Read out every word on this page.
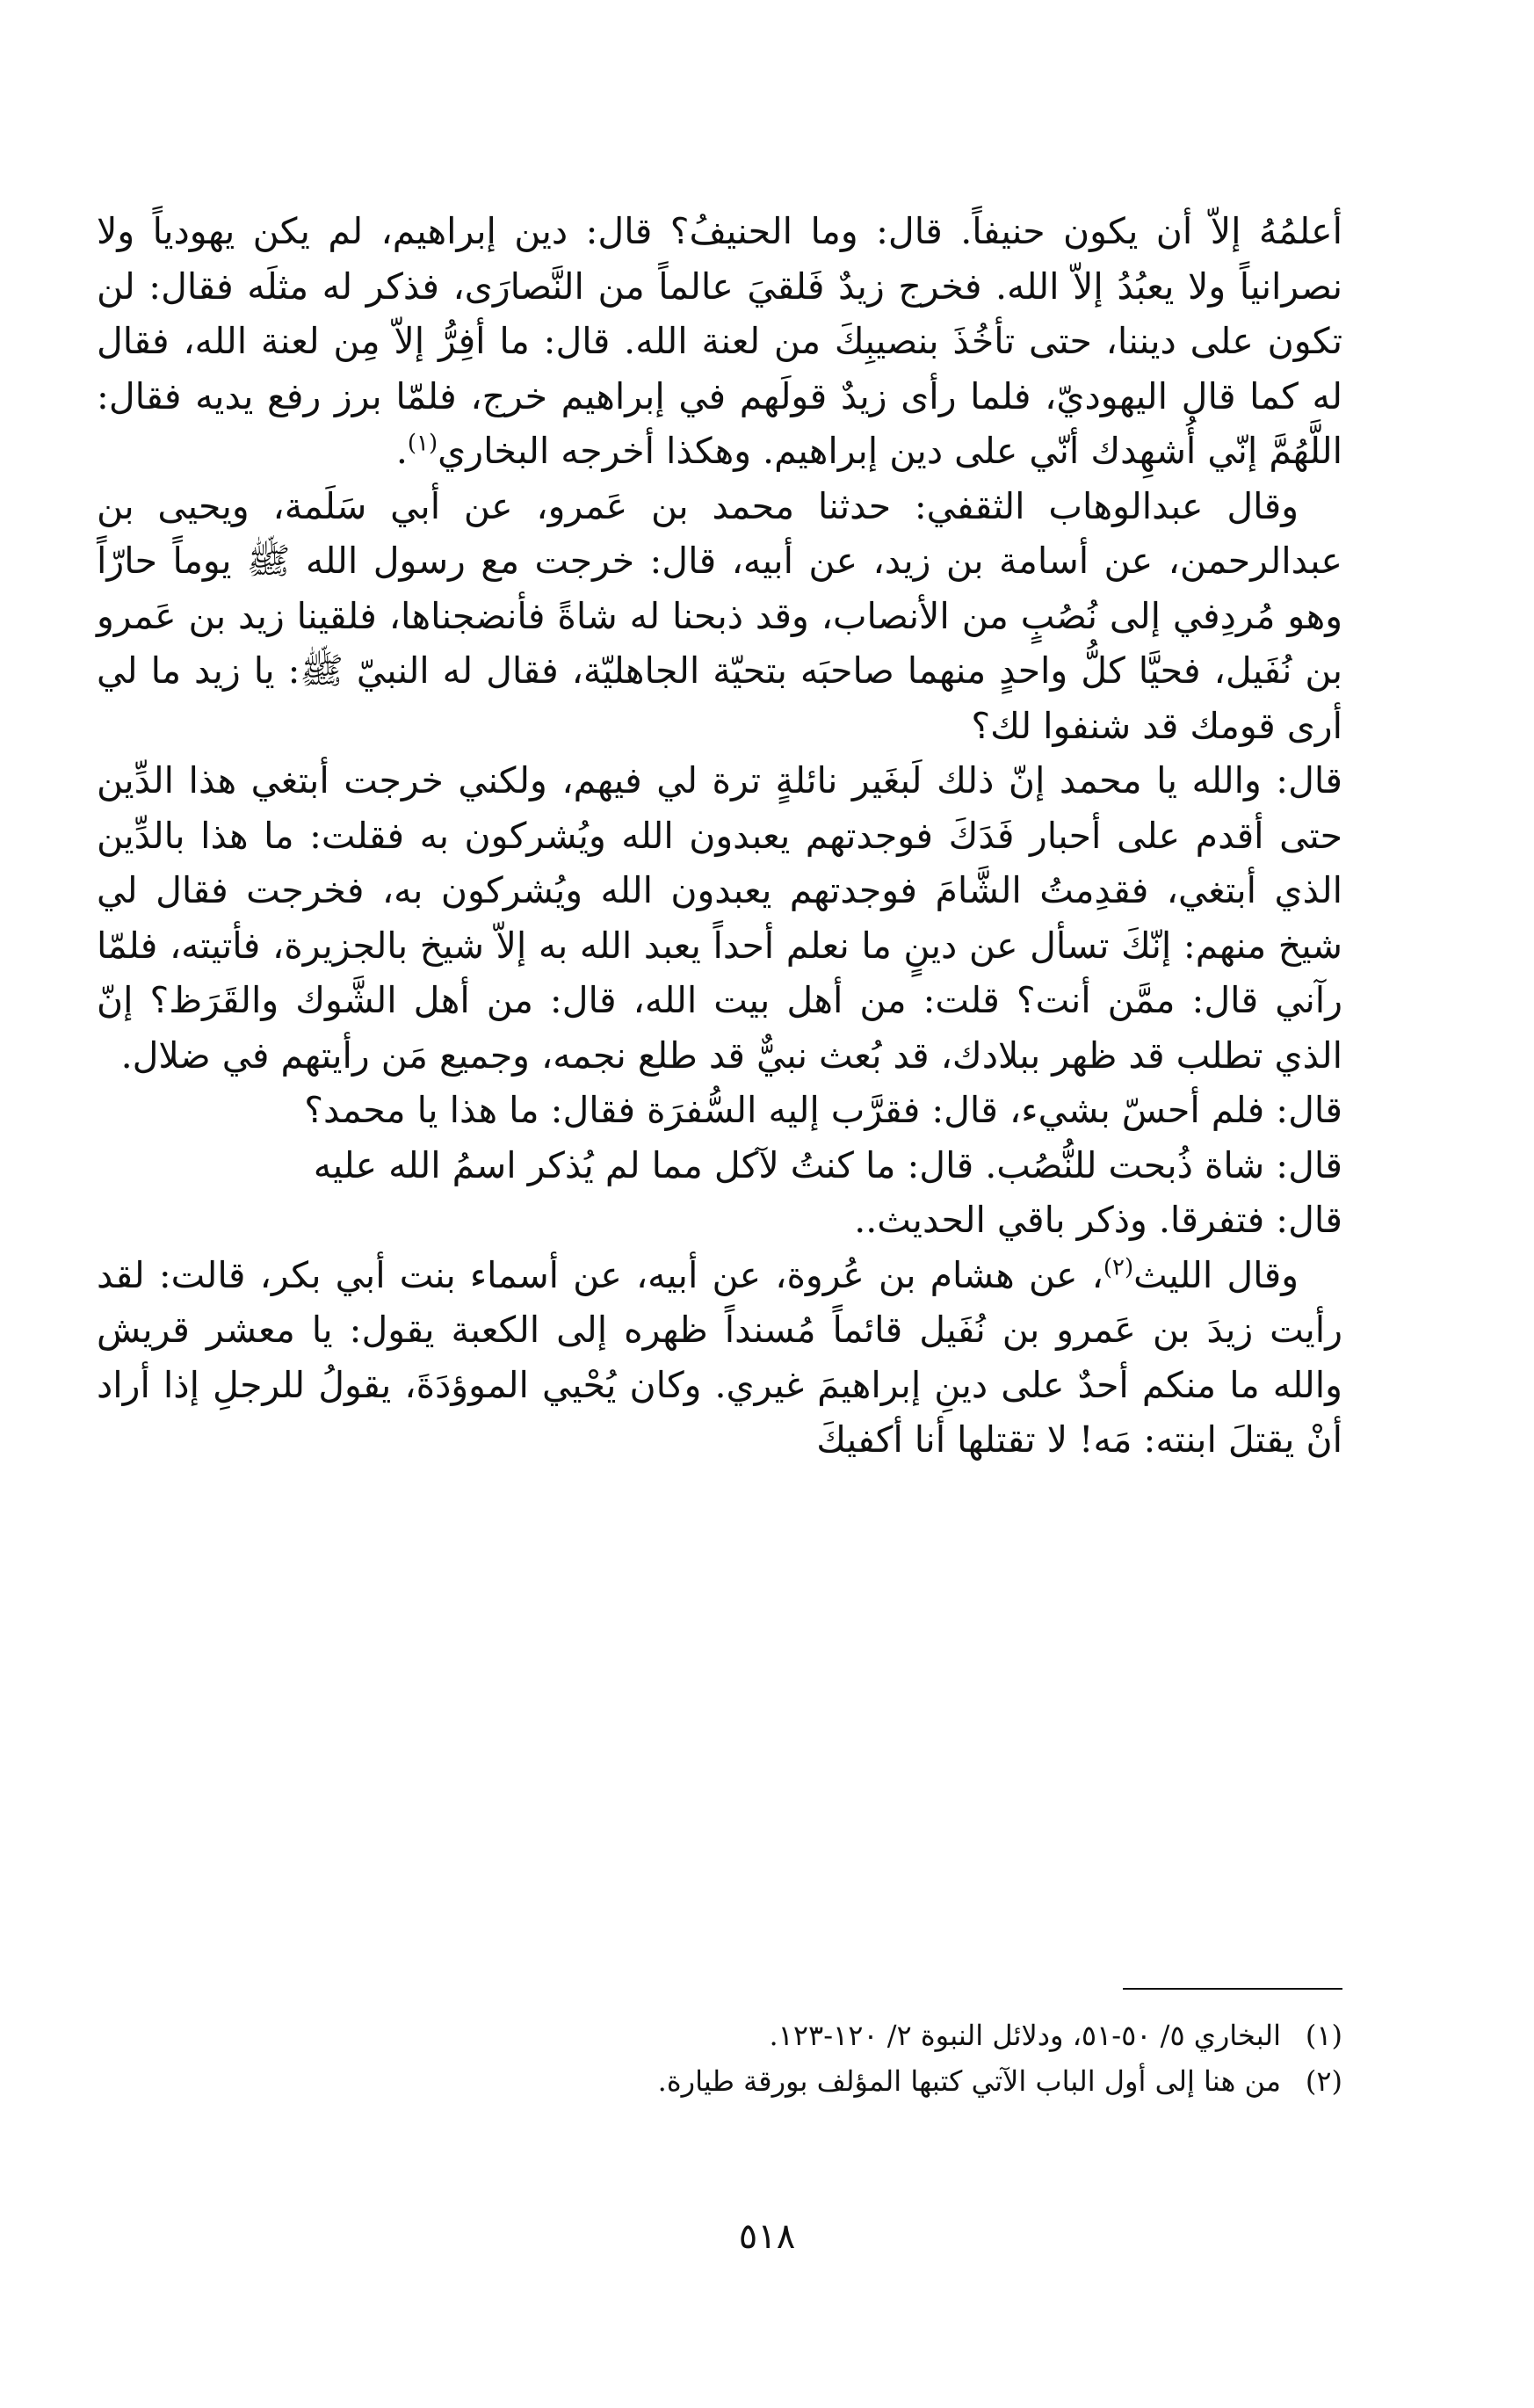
أعلمُهُ إلاّ أن يكون حنيفاً. قال: وما الحنيفُ؟ قال: دين إبراهيم، لم يكن يهودياً ولا نصرانياً ولا يعبُدُ إلاّ الله. فخرج زيدٌ فَلقيَ عالماً من النَّصارَى، فذكر له مثلَه فقال: لن تكون على ديننا، حتى تأخُذَ بنصيبِكَ من لعنة الله. قال: ما أفِرُّ إلاّ مِن لعنة الله، فقال له كما قال اليهوديّ، فلما رأى زيدٌ قولَهم في إبراهيم خرج، فلمّا برز رفع يديه فقال: اللَّهُمَّ إنّي أُشهِدك أنّي على دين إبراهيم. وهكذا أخرجه البخاري$^{(١)}$.

وقال عبدالوهاب الثقفي: حدثنا محمد بن عَمرو، عن أبي سَلَمة، ويحيى بن عبدالرحمن، عن أسامة بن زيد، عن أبيه، قال: خرجت مع رسول الله ﷺ يوماً حارّاً وهو مُردِفي إلى نُصُبٍ من الأنصاب، وقد ذبحنا له شاةً فأنضجناها، فلقينا زيد بن عَمرو بن نُفَيل، فحيَّا كلُّ واحدٍ منهما صاحبَه بتحيّة الجاهليّة، فقال له النبيّ ﷺ: يا زيد ما لي أرى قومك قد شنفوا لك؟

قال: والله يا محمد إنّ ذلك لَبغَير نائلةٍ ترة لي فيهم، ولكني خرجت أبتغي هذا الدِّين حتى أقدم على أحبار فَدَكَ فوجدتهم يعبدون الله ويُشركون به فقلت: ما هذا بالدِّين الذي أبتغي، فقدِمتُ الشَّامَ فوجدتهم يعبدون الله ويُشركون به، فخرجت فقال لي شيخ منهم: إنّكَ تسأل عن دينٍ ما نعلم أحداً يعبد الله به إلاّ شيخ بالجزيرة، فأتيته، فلمّا رآني قال: ممَّن أنت؟ قلت: من أهل بيت الله، قال: من أهل الشَّوك والقَرَظ؟ إنّ الذي تطلب قد ظهر ببلادك، قد بُعث نبيٌّ قد طلع نجمه، وجميع مَن رأيتهم في ضلال.

قال: فلم أحسّ بشيء، قال: فقرَّب إليه السُّفرَة فقال: ما هذا يا محمد؟

قال: شاة ذُبحت للنُّصُب. قال: ما كنتُ لآكل مما لم يُذكر اسمُ الله عليه

قال: فتفرقا. وذكر باقي الحديث..

وقال الليث$^{(٢)}$، عن هشام بن عُروة، عن أبيه، عن أسماء بنت أبي بكر، قالت: لقد رأيت زيدَ بن عَمرو بن نُفَيل قائماً مُسنداً ظهره إلى الكعبة يقول: يا معشر قريش والله ما منكم أحدٌ على دينِ إبراهيمَ غيري. وكان يُحْيي الموؤدَةَ، يقولُ للرجلِ إذا أراد أنْ يقتلَ ابنته: مَه! لا تقتلها أنا أكفيكَ

(١)البخاري ٥/ ٥٠-٥١، ودلائل النبوة ٢/ ١٢٠-١٢٣.

(٢)من هنا إلى أول الباب الآتي كتبها المؤلف بورقة طيارة.

٥١٨
